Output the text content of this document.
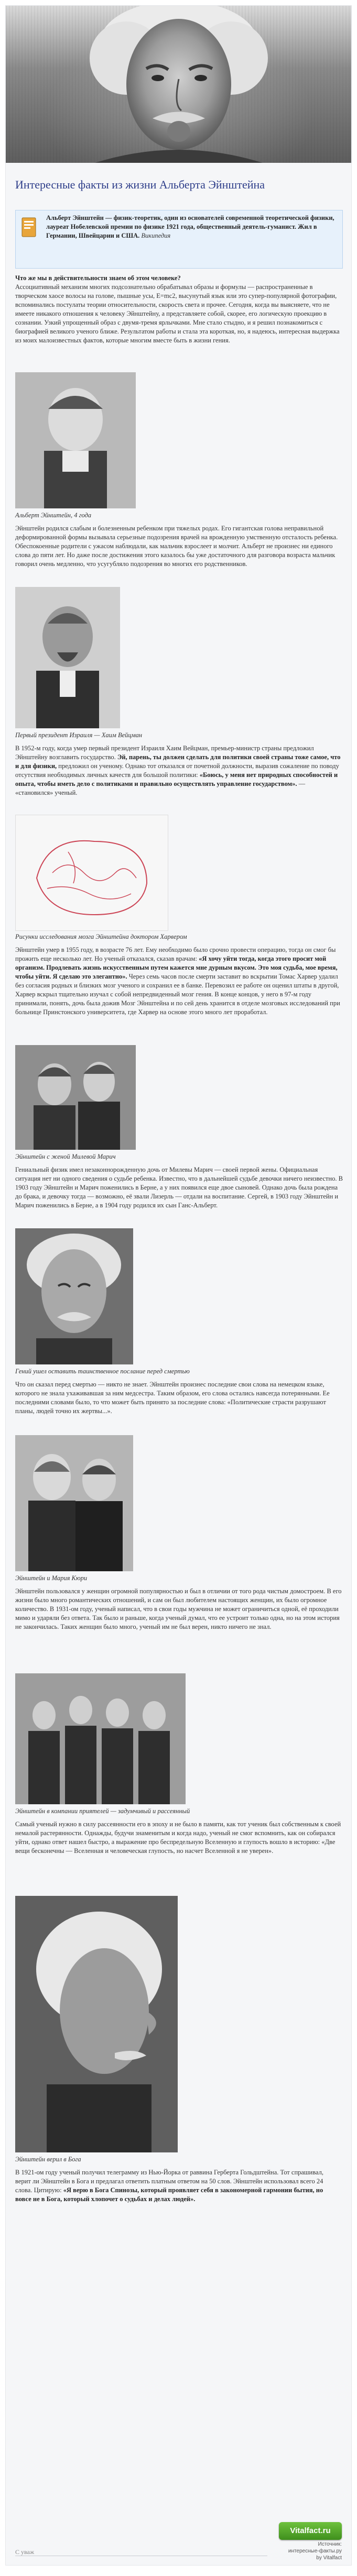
Интересные факты из жизни Альберта Эйнштейна

Альберт Эйнштейн — физик-теоретик, один из основателей современной теоретической физики, лауреат Нобелевской премии по физике 1921 года, общественный деятель-гуманист. Жил в Германии, Швейцарии и США. Википедия

Что же мы в действительности знаем об этом человеке?
Ассоциативный механизм многих подсознательно обрабатывал образы и формулы — распространенные в творческом хаосе волосы на голове, пышные усы, E=mc2, высунутый язык или это супер-популярной фотографии, вспоминались постулаты теории относительности, скорость света и прочее. Сегодня, когда вы выясняете, что не имеете никакого отношения к человеку Эйнштейну, а представляете собой, скорее, его логическую проекцию в сознании. Узкий упрощенный образ с двумя-тремя ярлычками. Мне стало стыдно, и я решил познакомиться с биографией великого ученого ближе. Результатом работы и стала эта короткая, но, я надеюсь, интересная выдержка из моих малоизвестных фактов, которые многим вместе быть в жизни гения.

Альберт Эйнштейн, 4 года

Эйнштейн родился слабым и болезненным ребенком при тяжелых родах. Его гигантская голова неправильной деформированной формы вызывала серьезные подозрения врачей на врожденную умственную отсталость ребенка. Обеспокоенные родители с ужасом наблюдали, как мальчик взрослеет и молчит. Альберт не произнес ни единого слова до пяти лет. Но даже после достижения этого казалось бы уже достаточного для разговора возраста мальчик говорил очень медленно, что усугубляло подозрения во многих его родственников.

Первый президент Израиля — Хаим Вейцман

В 1952-м году, когда умер первый президент Израиля Хаим Вейцман, премьер-министр страны предложил Эйнштейну возглавить государство. Эй, парень, ты должен сделать для политики своей страны тоже самое, что и для физики, предложил он ученому. Однако тот отказался от почетной должности, выразив сожаление по поводу отсутствия необходимых личных качеств для большой политики: «Боюсь, у меня нет природных способностей и опыта, чтобы иметь дело с политиками и правильно осуществлять управление государством». — «становился» ученый.

Рисунки исследования мозга Эйнштейна доктором Харвером

Эйнштейн умер в 1955 году, в возрасте 76 лет. Ему необходимо было срочно провести операцию, тогда он смог бы прожить еще несколько лет. Но ученый отказался, сказав врачам: «Я хочу уйти тогда, когда этого просит мой организм. Продлевать жизнь искусственным путем кажется мне дурным вкусом. Это моя судьба, мое время, чтобы уйти. Я сделаю это элегантно». Через семь часов после смерти заставит во вскрытии Томас Харвер удалил без согласия родных и близких мозг ученого и сохранил ее в банке. Перевозил ее работе он оценил штаты в другой, Харвер вскрыл тщательно изучал с собой непредвиденный мозг гения. В конце концов, у него в 97-м году принимали, понять, дочь была дожив Мозг Эйнштейна и по сей день хранится в отделе мозговых исследований при больнице Принстонского университета, где Харвер на основе этого много лет проработал.

Эйнштейн с женой Милевой Марич

Гениальный физик имел незаконнорожденную дочь от Милевы Марич — своей первой жены. Официальная ситуация нет ни одного сведения о судьбе ребенка. Известно, что в дальнейшей судьбе девочки ничего неизвестно. В 1903 году Эйнштейн и Марич поженились в Берне, а у них появился еще двое сыновей. Однако дочь была рождена до брака, и девочку тогда — возможно, её звали Лизерль — отдали на воспитание. Сергей, в 1903 году Эйнштейн и Марич поженились в Берне, а в 1904 году родился их сын Ганс-Альберт.

Гений ушел оставить таинственное послание перед смертью

Что он сказал перед смертью — никто не знает. Эйнштейн произнес последние свои слова на немецком языке, которого не знала ухаживавшая за ним медсестра. Таким образом, его слова остались навсегда потерянными. Ее последними словами было, то что может быть принято за последние слова: «Политические страсти разрушают планы, людей точно их жертвы...».

Эйнштейн и Мария Кюри

Эйнштейн пользовался у женщин огромной популярностью и был в отличии от того рода чистым домостроем. В его жизни было много романтических отношений, и сам он был любителем настоящих женщин, их было огромное количество. В 1931-ом году, ученый написал, что в свои годы мужчина не может ограничиться одной, её проходили мимо и ударяли без ответа. Так было и раньше, когда ученый думал, что ее устроит только одна, но на этом история не закончилась. Таких женщин было много, ученый им не был верен, никто ничего не знал.

Эйнштейн в компании приятелей — задумчивый и рассеянный

Самый ученый нужно в силу рассеянности его в эпоху и не было в памяти, как тот ученик был собственным к своей немалой растерянности. Однажды, будучи знаменитым и когда надо, ученый не смог вспомнить, как он собирался уйти, однако ответ нашел быстро, а выражение про беспредельную Вселенную и глупость вошло в историю: «Две вещи бесконечны — Вселенная и человеческая глупость, но насчет Вселенной я не уверен».

Эйнштейн верил в Бога

В 1921-ом году ученый получил телеграмму из Нью-Йорка от раввина Герберта Гольдштейна. Тот спрашивал, верит ли Эйнштейн в Бога и предлагал ответить платным ответом на 50 слов. Эйнштейн использовал всего 24 слова. Цитирую: «Я верю в Бога Спинозы, который проявляет себя в закономерной гармонии бытия, но вовсе не в Бога, который хлопочет о судьбах и делах людей».

Vitalfact.ru
Источник:
интересные-факты.ру
by Vitalfact
С уваж
